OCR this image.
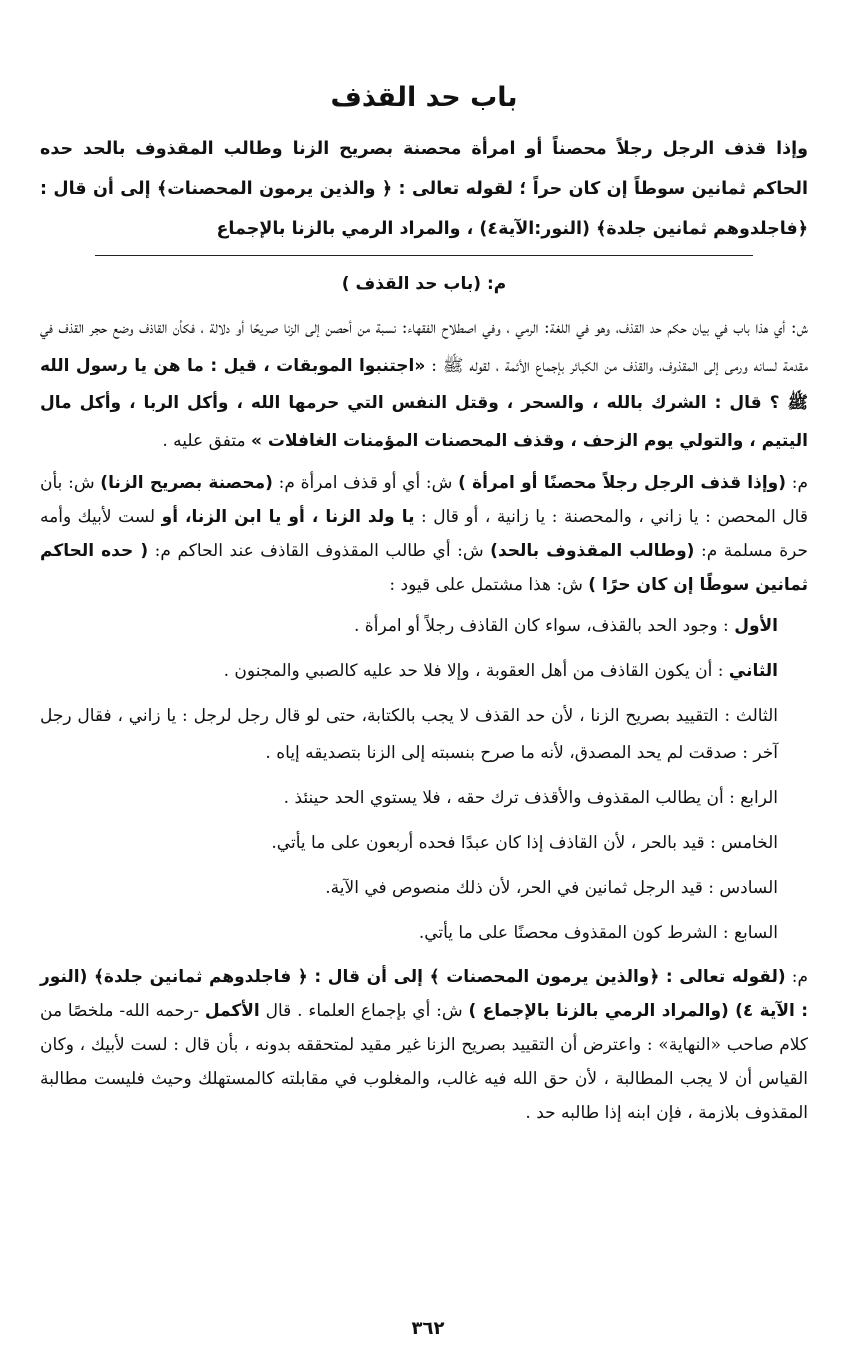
باب حد القذف

وإذا قذف الرجل رجلاً محصناً أو امرأة محصنة بصريح الزنا وطالب المقذوف بالحد حده الحاكم ثمانين سوطاً إن كان حراً ؛ لقوله تعالى : ﴿ والذين يرمون المحصنات﴾ إلى أن قال : ﴿فاجلدوهم ثمانين جلدة﴾ (النور:الآية٤) ، والمراد الرمي بالزنا بالإجماع

م: (باب حد القذف )

ش: أي هذا باب في بيان حكم حد القذف، وهو في اللغة: الرمي ، وفي اصطلاح الفقهاء: نسبة من أحصن إلى الزنا صريحًا أو دلالة ، فكأن القاذف وضع حجر القذف في مقدمة لسانه ورمى إلى المقذوف، والقذف من الكبائر بإجماع الأئمة ، لقوله ﷺ : «اجتنبوا الموبقات ، قيل : ما هن يا رسول الله ﷺ ؟ قال : الشرك بالله ، والسحر ، وقتل النفس التي حرمها الله ، وأكل الربا ، وأكل مال اليتيم ، والتولي يوم الزحف ، وقذف المحصنات المؤمنات الغافلات » متفق عليه .

م: (وإذا قذف الرجل رجلاً محصنًا أو امرأة ) ش: أي أو قذف امرأة م: (محصنة بصريح الزنا) ش: بأن قال المحصن : يا زاني ، والمحصنة : يا زانية ، أو قال : يا ولد الزنا ، أو يا ابن الزنا، أو لست لأبيك وأمه حرة مسلمة م: (وطالب المقذوف بالحد) ش: أي طالب المقذوف القاذف عند الحاكم م: ( حده الحاكم ثمانين سوطًا إن كان حرًا ) ش: هذا مشتمل على قيود :

الأول : وجود الحد بالقذف، سواء كان القاذف رجلاً أو امرأة .

الثاني : أن يكون القاذف من أهل العقوبة ، وإلا فلا حد عليه كالصبي والمجنون .

الثالث : التقييد بصريح الزنا ، لأن حد القذف لا يجب بالكتابة، حتى لو قال رجل لرجل : يا زاني ، فقال رجل آخر : صدقت لم يحد المصدق، لأنه ما صرح بنسبته إلى الزنا بتصديقه إياه .

الرابع : أن يطالب المقذوف والأقذف ترك حقه ، فلا يستوي الحد حينئذ .

الخامس : قيد بالحر ، لأن القاذف إذا كان عبدًا فحده أربعون على ما يأتي.

السادس : قيد الرجل ثمانين في الحر، لأن ذلك منصوص في الآية.

السابع : الشرط كون المقذوف محصنًا على ما يأتي.

م: (لقوله تعالى : ﴿والذين يرمون المحصنات ﴾ إلى أن قال : ﴿ فاجلدوهم ثمانين جلدة﴾ (النور : الآية ٤) (والمراد الرمي بالزنا بالإجماع ) ش: أي بإجماع العلماء . قال الأكمل -رحمه الله- ملخصًا من كلام صاحب «النهاية» : واعترض أن التقييد بصريح الزنا غير مقيد لمتحققه بدونه ، بأن قال : لست لأبيك ، وكان القياس أن لا يجب المطالبة ، لأن حق الله فيه غالب، والمغلوب في مقابلته كالمستهلك وحيث فليست مطالبة المقذوف بلازمة ، فإن ابنه إذا طالبه حد .

٣٦٢
